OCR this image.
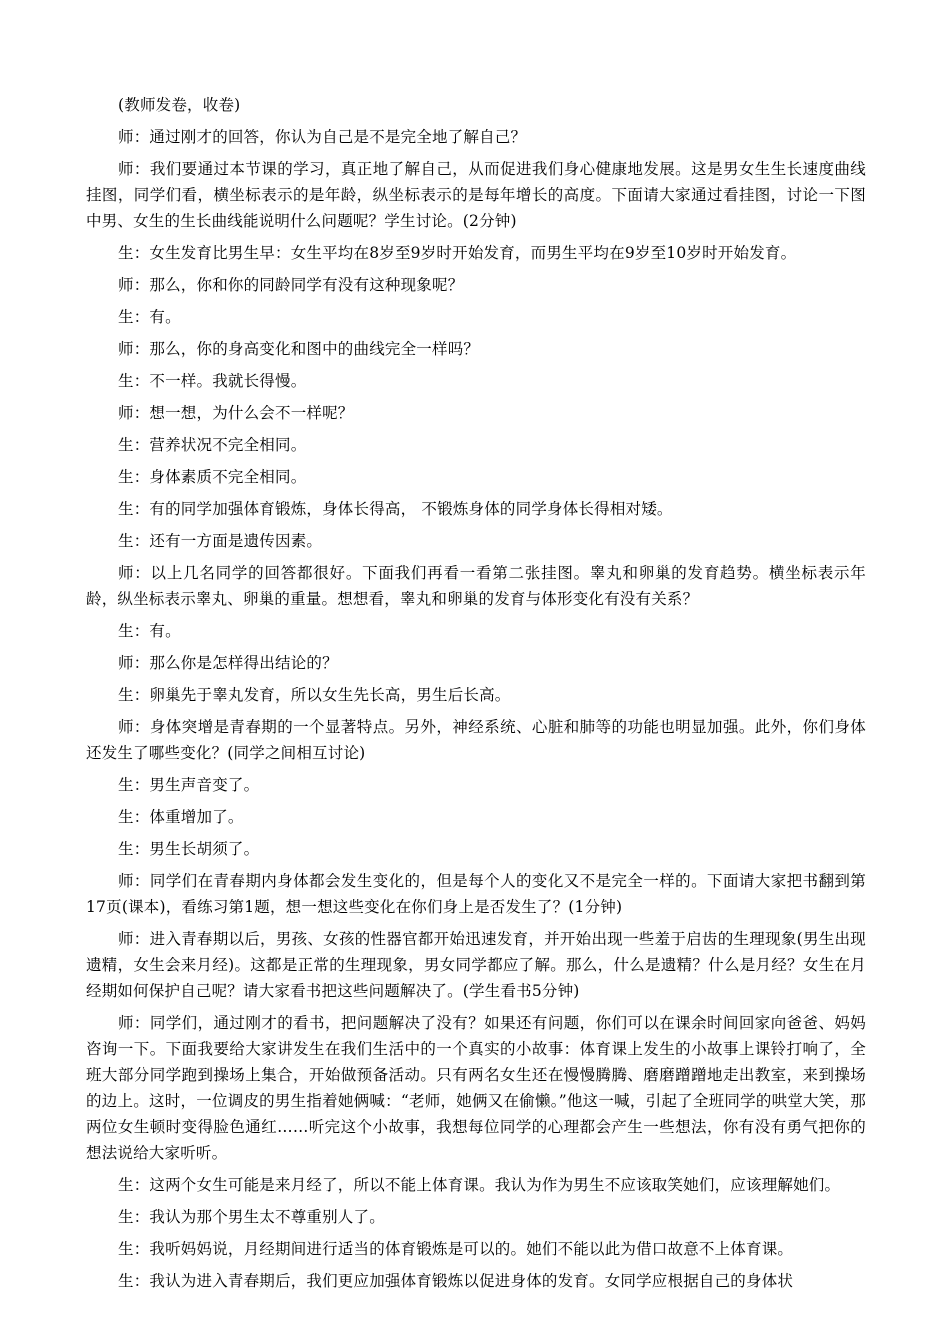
(教师发卷，收卷)

师：通过刚才的回答，你认为自己是不是完全地了解自己？

师：我们要通过本节课的学习，真正地了解自己，从而促进我们身心健康地发展。这是男女生生长速度曲线挂图，同学们看，横坐标表示的是年龄，纵坐标表示的是每年增长的高度。下面请大家通过看挂图，讨论一下图中男、女生的生长曲线能说明什么问题呢？学生讨论。(2分钟)

生：女生发育比男生早：女生平均在8岁至9岁时开始发育，而男生平均在9岁至10岁时开始发育。

师：那么，你和你的同龄同学有没有这种现象呢？

生：有。

师：那么，你的身高变化和图中的曲线完全一样吗？

生：不一样。我就长得慢。

师：想一想，为什么会不一样呢？

生：营养状况不完全相同。

生：身体素质不完全相同。

生：有的同学加强体育锻炼，身体长得高， 不锻炼身体的同学身体长得相对矮。

生：还有一方面是遗传因素。

师：以上几名同学的回答都很好。下面我们再看一看第二张挂图。睾丸和卵巢的发育趋势。横坐标表示年龄，纵坐标表示睾丸、卵巢的重量。想想看，睾丸和卵巢的发育与体形变化有没有关系？

生：有。

师：那么你是怎样得出结论的？

生：卵巢先于睾丸发育，所以女生先长高，男生后长高。

师：身体突增是青春期的一个显著特点。另外，神经系统、心脏和肺等的功能也明显加强。此外，你们身体还发生了哪些变化？(同学之间相互讨论)

生：男生声音变了。

生：体重增加了。

生：男生长胡须了。

师：同学们在青春期内身体都会发生变化的，但是每个人的变化又不是完全一样的。下面请大家把书翻到第17页(课本)，看练习第1题，想一想这些变化在你们身上是否发生了？(1分钟)

师：进入青春期以后，男孩、女孩的性器官都开始迅速发育，并开始出现一些羞于启齿的生理现象(男生出现遗精，女生会来月经)。这都是正常的生理现象，男女同学都应了解。那么，什么是遗精？什么是月经？女生在月经期如何保护自己呢？请大家看书把这些问题解决了。(学生看书5分钟)

师：同学们，通过刚才的看书，把问题解决了没有？如果还有问题，你们可以在课余时间回家向爸爸、妈妈咨询一下。下面我要给大家讲发生在我们生活中的一个真实的小故事：体育课上发生的小故事上课铃打响了，全班大部分同学跑到操场上集合，开始做预备活动。只有两名女生还在慢慢腾腾、磨磨蹭蹭地走出教室，来到操场的边上。这时，一位调皮的男生指着她俩喊：“老师，她俩又在偷懒。”他这一喊，引起了全班同学的哄堂大笑，那两位女生顿时变得脸色通红……听完这个小故事，我想每位同学的心理都会产生一些想法，你有没有勇气把你的想法说给大家听听。

生：这两个女生可能是来月经了，所以不能上体育课。我认为作为男生不应该取笑她们，应该理解她们。

生：我认为那个男生太不尊重别人了。

生：我听妈妈说，月经期间进行适当的体育锻炼是可以的。她们不能以此为借口故意不上体育课。

生：我认为进入青春期后，我们更应加强体育锻炼以促进身体的发育。女同学应根据自己的身体状
